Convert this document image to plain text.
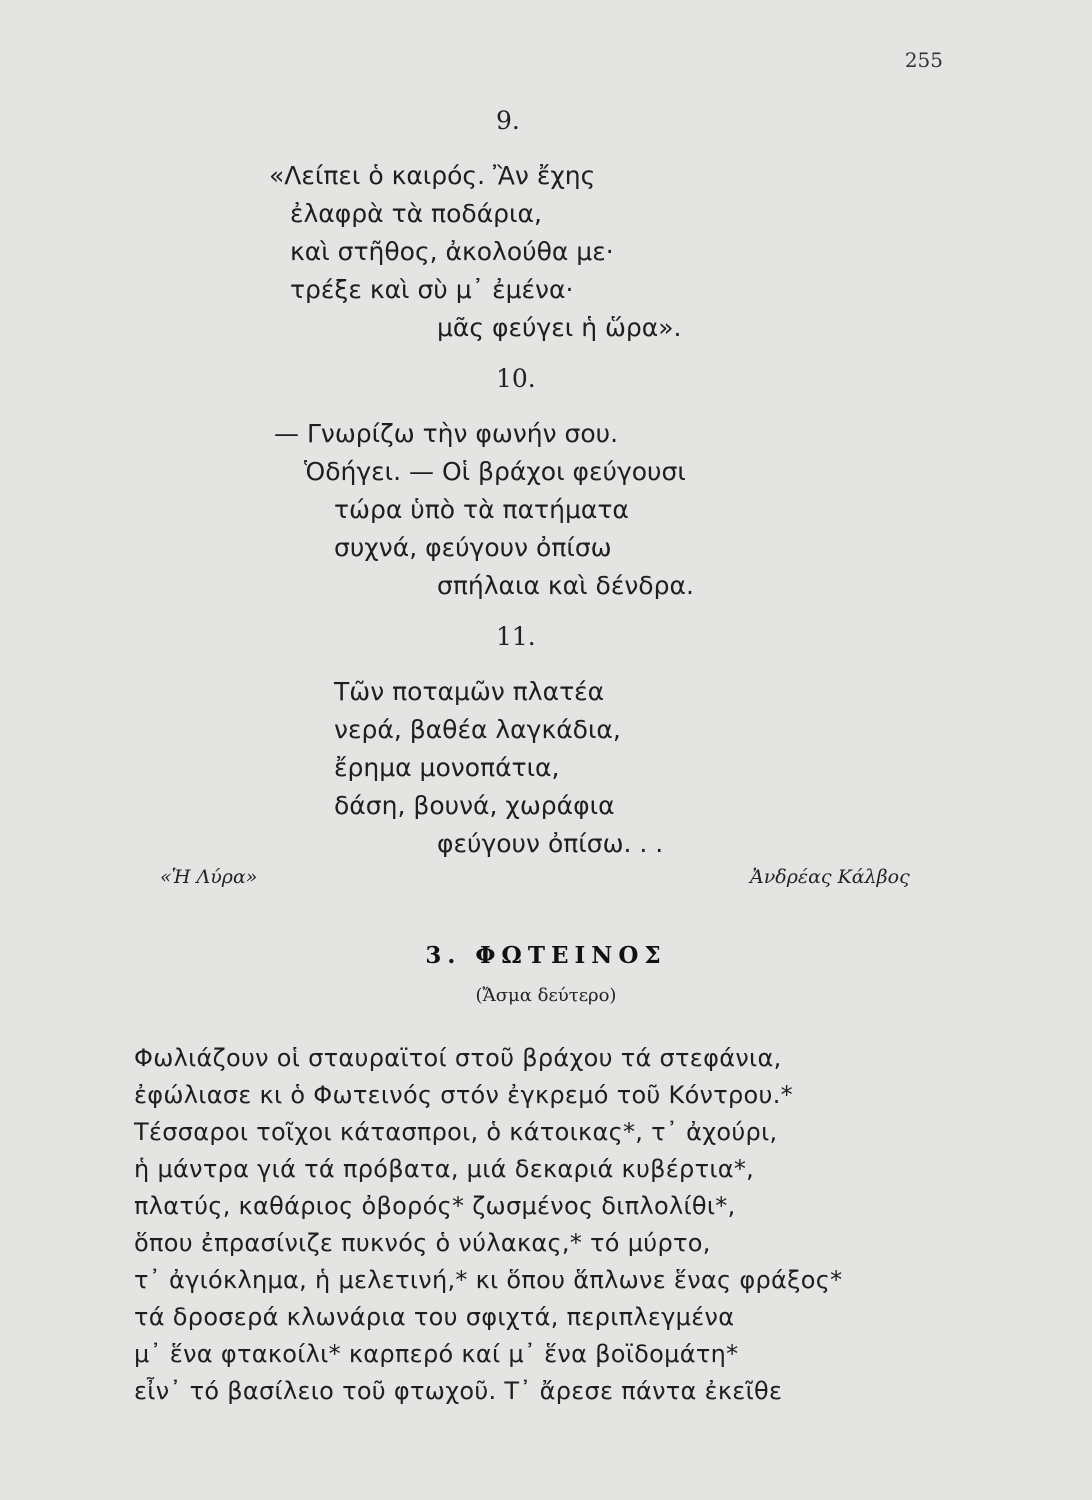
255
9.
«Λείπει ὁ καιρός. Ἂν ἔχης
ἐλαφρὰ τὰ ποδάρια,
καὶ στῆθος, ἀκολούθα με·
τρέξε καὶ σὺ μ᾽ ἐμένα·
μᾶς φεύγει ἡ ὥρα».
10.
— Γνωρίζω τὴν φωνήν σου.
Ὁδήγει. — Οἱ βράχοι φεύγουσι
τώρα ὑπὸ τὰ πατήματα
συχνά, φεύγουν ὀπίσω
σπήλαια καὶ δένδρα.
11.
Τῶν ποταμῶν πλατέα
νερά, βαθέα λαγκάδια,
ἔρημα μονοπάτια,
δάση, βουνά, χωράφια
φεύγουν ὀπίσω. . .
«Ἡ Λύρα»	Ἀνδρέας Κάλβος
3. ΦΩΤΕΙΝΟΣ
(Ἄσμα δεύτερο)
Φωλιάζουν οἱ σταυραϊτοί στοῦ βράχου τά στεφάνια,
ἐφώλιασε κι ὁ Φωτεινός στόν ἐγκρεμό τοῦ Κόντρου.*
Τέσσαροι τοῖχοι κάτασπροι, ὁ κάτοικας*, τ᾽ ἀχούρι,
ἡ μάντρα γιά τά πρόβατα, μιά δεκαριά κυβέρτια*,
πλατύς, καθάριος ὀβορός* ζωσμένος διπλολίθι*,
ὅπου ἐπρασίνιζε πυκνός ὁ νύλακας,* τό μύρτο,
τ᾽ ἀγιόκλημα, ἡ μελετινή,* κι ὅπου ἅπλωνε ἕνας φράξος*
τά δροσερά κλωνάρια του σφιχτά, περιπλεγμένα
μ᾽ ἕνα φτακοίλι* καρπερό καί μ᾽ ἕνα βοϊδομάτη*
εἶν᾽ τό βασίλειο τοῦ φτωχοῦ. Τ᾽ ἄρεσε πάντα ἐκεῖθε
